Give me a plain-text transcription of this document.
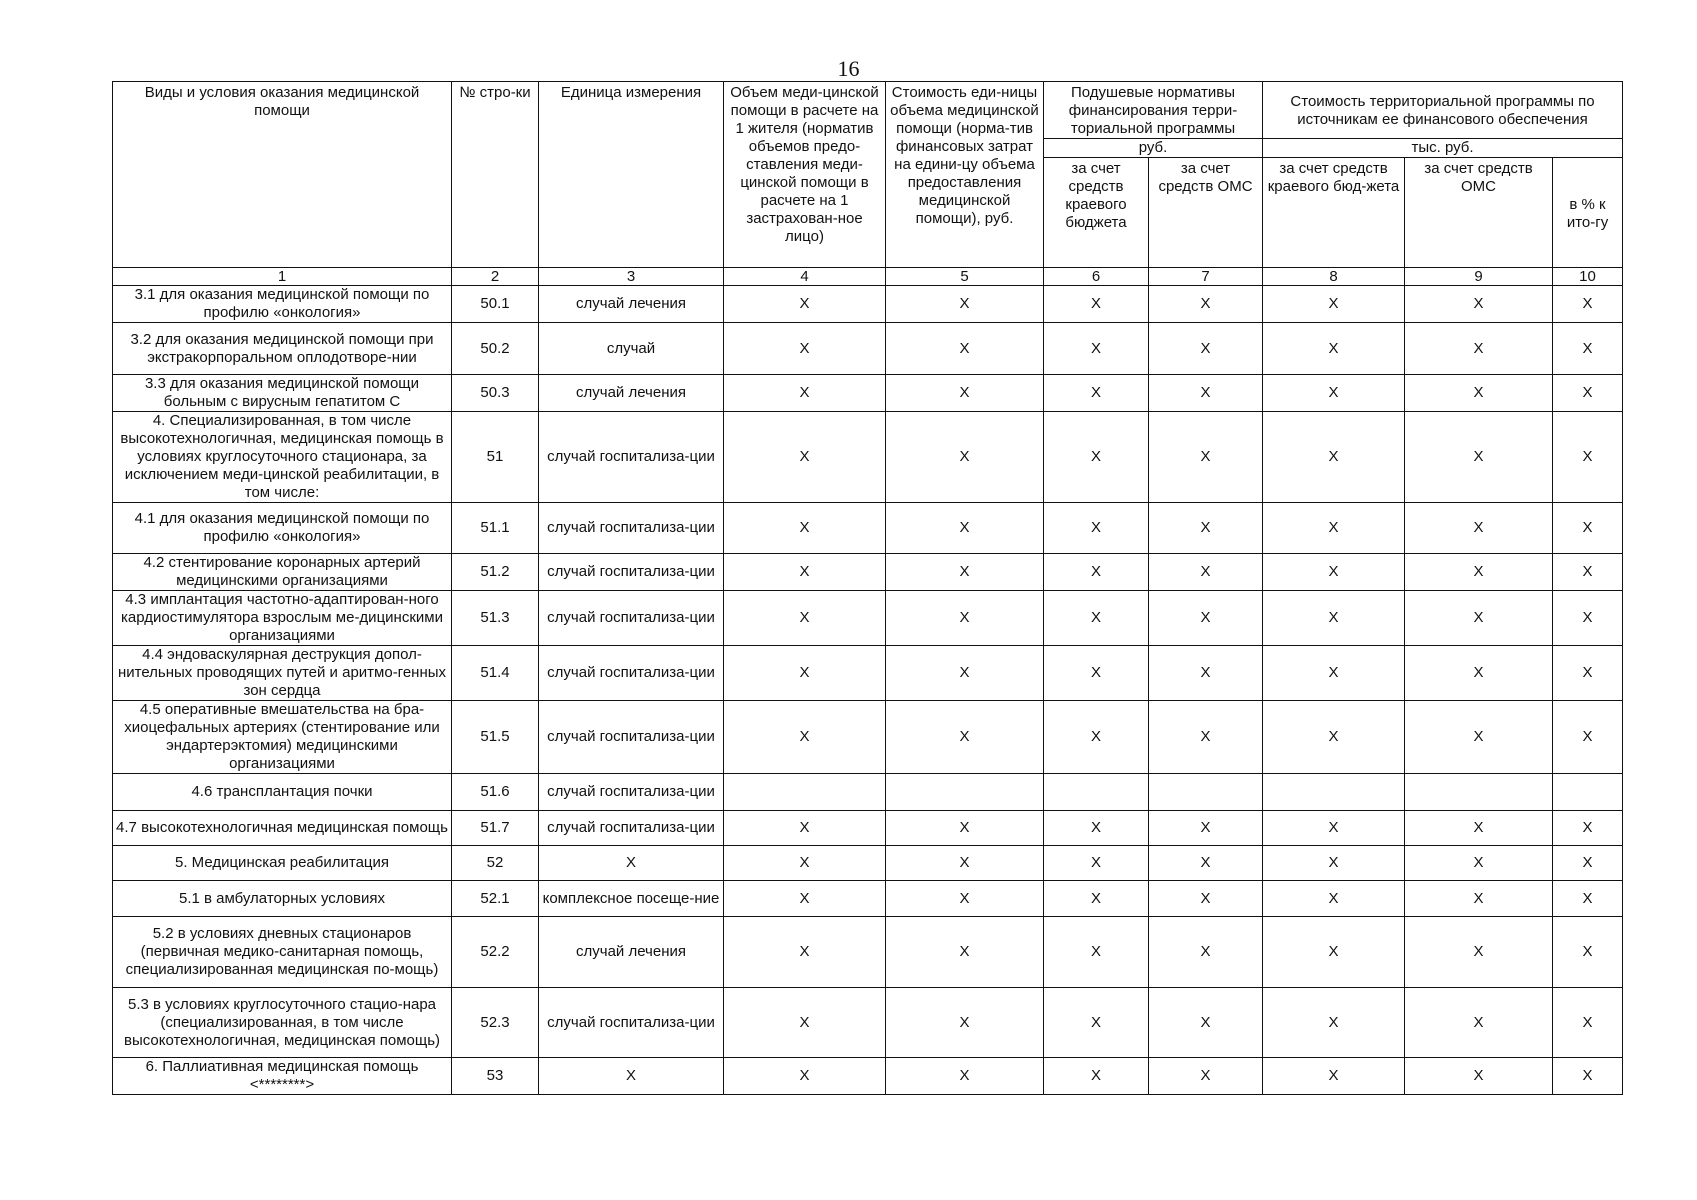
16
Виды и условия оказания медицинской помощи	№ стро-ки	Единица измерения	Объем меди-цинской помощи в расчете на 1 жителя (норматив объемов предо-ставления меди-цинской помощи в расчете на 1 застрахован-ное лицо)	Стоимость еди-ницы объема медицинской помощи (норма-тив финансовых затрат на едини-цу объема предоставления медицинской помощи), руб.	Подушевые нормативы финансирования терри-ториальной программы		Стоимость территориальной программы по источникам ее финансового обеспечения		
					руб.		тыс. руб.		
					за счет средств краевого бюджета	за счет средств ОМС	за счет средств краевого бюд-жета	за счет средств ОМС	в % к ито-гу
1	2	3	4	5	6	7	8	9	10
3.1 для оказания медицинской помощи по профилю «онкология»	50.1	случай лечения	Х	Х	Х	Х	Х	Х	Х
3.2 для оказания медицинской помощи при экстракорпоральном оплодотворе-нии	50.2	случай	Х	Х	Х	Х	Х	Х	Х
3.3 для оказания медицинской помощи больным с вирусным гепатитом С	50.3	случай лечения	Х	Х	Х	Х	Х	Х	Х
4. Специализированная, в том числе высокотехнологичная, медицинская помощь в условиях круглосуточного стационара, за исключением меди-цинской реабилитации, в том числе:	51	случай госпитализа-ции	Х	Х	Х	Х	Х	Х	Х
4.1 для оказания медицинской помощи по профилю «онкология»	51.1	случай госпитализа-ции	Х	Х	Х	Х	Х	Х	Х
4.2 стентирование коронарных артерий медицинскими организациями	51.2	случай госпитализа-ции	Х	Х	Х	Х	Х	Х	Х
4.3 имплантация частотно-адаптирован-ного кардиостимулятора взрослым ме-дицинскими организациями	51.3	случай госпитализа-ции	Х	Х	Х	Х	Х	Х	Х
4.4 эндоваскулярная деструкция допол-нительных проводящих путей и аритмо-генных зон сердца	51.4	случай госпитализа-ции	Х	Х	Х	Х	Х	Х	Х
4.5 оперативные вмешательства на бра-хиоцефальных артериях (стентирование или эндартерэктомия) медицинскими организациями	51.5	случай госпитализа-ции	Х	Х	Х	Х	Х	Х	Х
4.6 трансплантация почки	51.6	случай госпитализа-ции							
4.7 высокотехнологичная медицинская помощь	51.7	случай госпитализа-ции	Х	Х	Х	Х	Х	Х	Х
5. Медицинская реабилитация	52	Х	Х	Х	Х	Х	Х	Х	Х
5.1 в амбулаторных условиях	52.1	комплексное посеще-ние	Х	Х	Х	Х	Х	Х	Х
5.2 в условиях дневных стационаров (первичная медико-санитарная помощь, специализированная медицинская по-мощь)	52.2	случай лечения	Х	Х	Х	Х	Х	Х	Х
5.3 в условиях круглосуточного стацио-нара (специализированная, в том числе высокотехнологичная, медицинская помощь)	52.3	случай госпитализа-ции	Х	Х	Х	Х	Х	Х	Х
6. Паллиативная медицинская помощь <********>	53	Х	Х	Х	Х	Х	Х	Х	Х
